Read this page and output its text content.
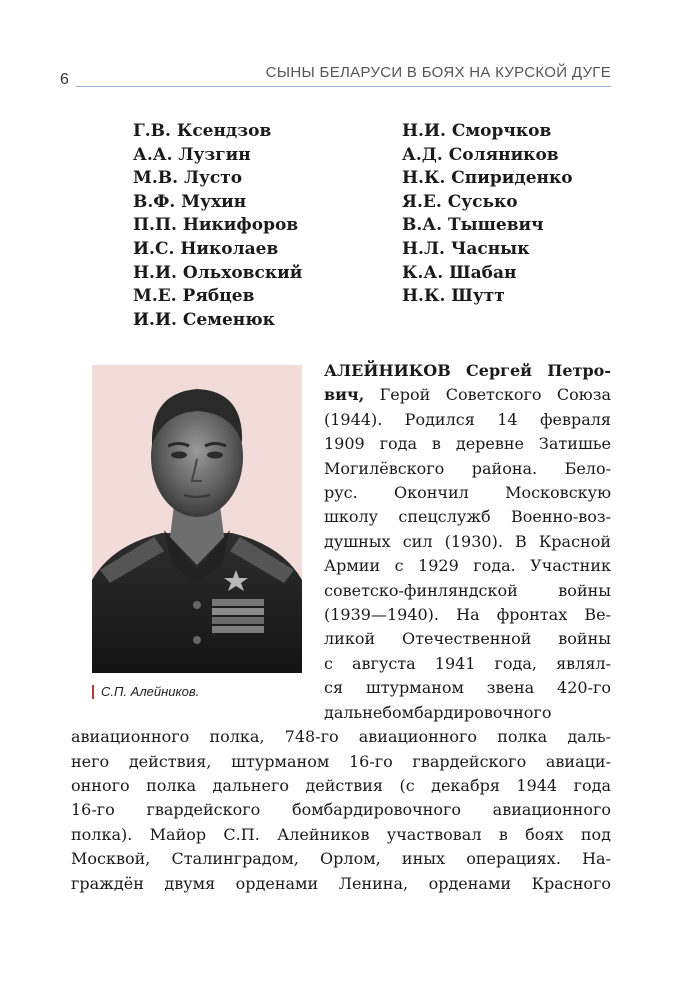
6	СЫНЫ БЕЛАРУСИ В БОЯХ НА КУРСКОЙ ДУГЕ
Г.В. Ксендзов
А.А. Лузгин
М.В. Лусто
В.Ф. Мухин
П.П. Никифоров
И.С. Николаев
Н.И. Ольховский
М.Е. Рябцев
И.И. Семенюк
Н.И. Сморчков
А.Д. Соляников
Н.К. Спириденко
Я.Е. Суськo
В.А. Тышевич
Н.Л. Часнык
К.А. Шабан
Н.К. Шутт
С.П. Алейников.
АЛЕЙНИКОВ Сергей Петро-
вич, Герой Советского Союза
(1944). Родился 14 февраля
1909 года в деревне Затишье
Могилёвского района. Бело-
рус. Окончил Московскую
школу спецслужб Военно-воз-
душных сил (1930). В Красной
Армии с 1929 года. Участник
советско-финляндской войны
(1939—1940). На фронтах Ве-
ликой Отечественной войны
с августа 1941 года, являл-
ся штурманом звена 420-го
дальнебомбардировочного
авиационного полка, 748-го авиационного полка даль-
него действия, штурманом 16-го гвардейского авиаци-
онного полка дальнего действия (с декабря 1944 года
16-го гвардейского бомбардировочного авиационного
полка). Майор С.П. Алейников участвовал в боях под
Москвой, Сталинградом, Орлом, иных операциях. На-
граждён двумя орденами Ленина, орденами Красного
